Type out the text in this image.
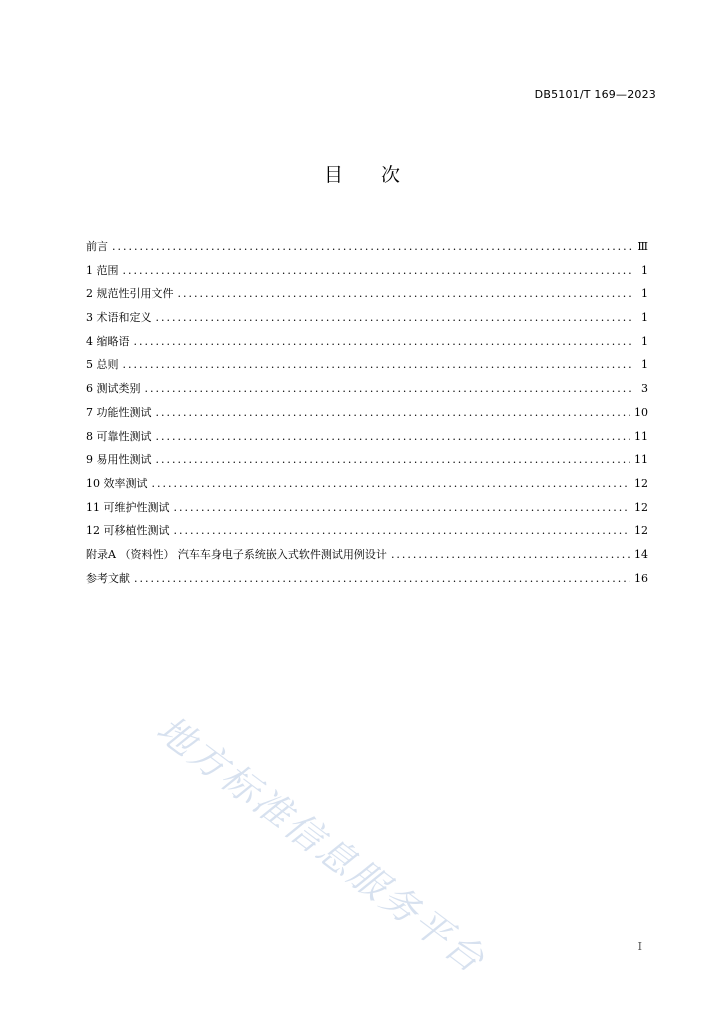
DB5101/T 169—2023
目 次
前言 .....	Ⅲ
1 范围 .....	1
2 规范性引用文件 .....	1
3 术语和定义 .....	1
4 缩略语 .....	1
5 总则 .....	1
6 测试类别 .....	3
7 功能性测试 .....	10
8 可靠性测试 .....	11
9 易用性测试 .....	11
10 效率测试 .....	12
11 可维护性测试 .....	12
12 可移植性测试 .....	12
附录A （资料性） 汽车车身电子系统嵌入式软件测试用例设计 .....	14
参考文献 .....	16
地方标准信息服务平台	I
